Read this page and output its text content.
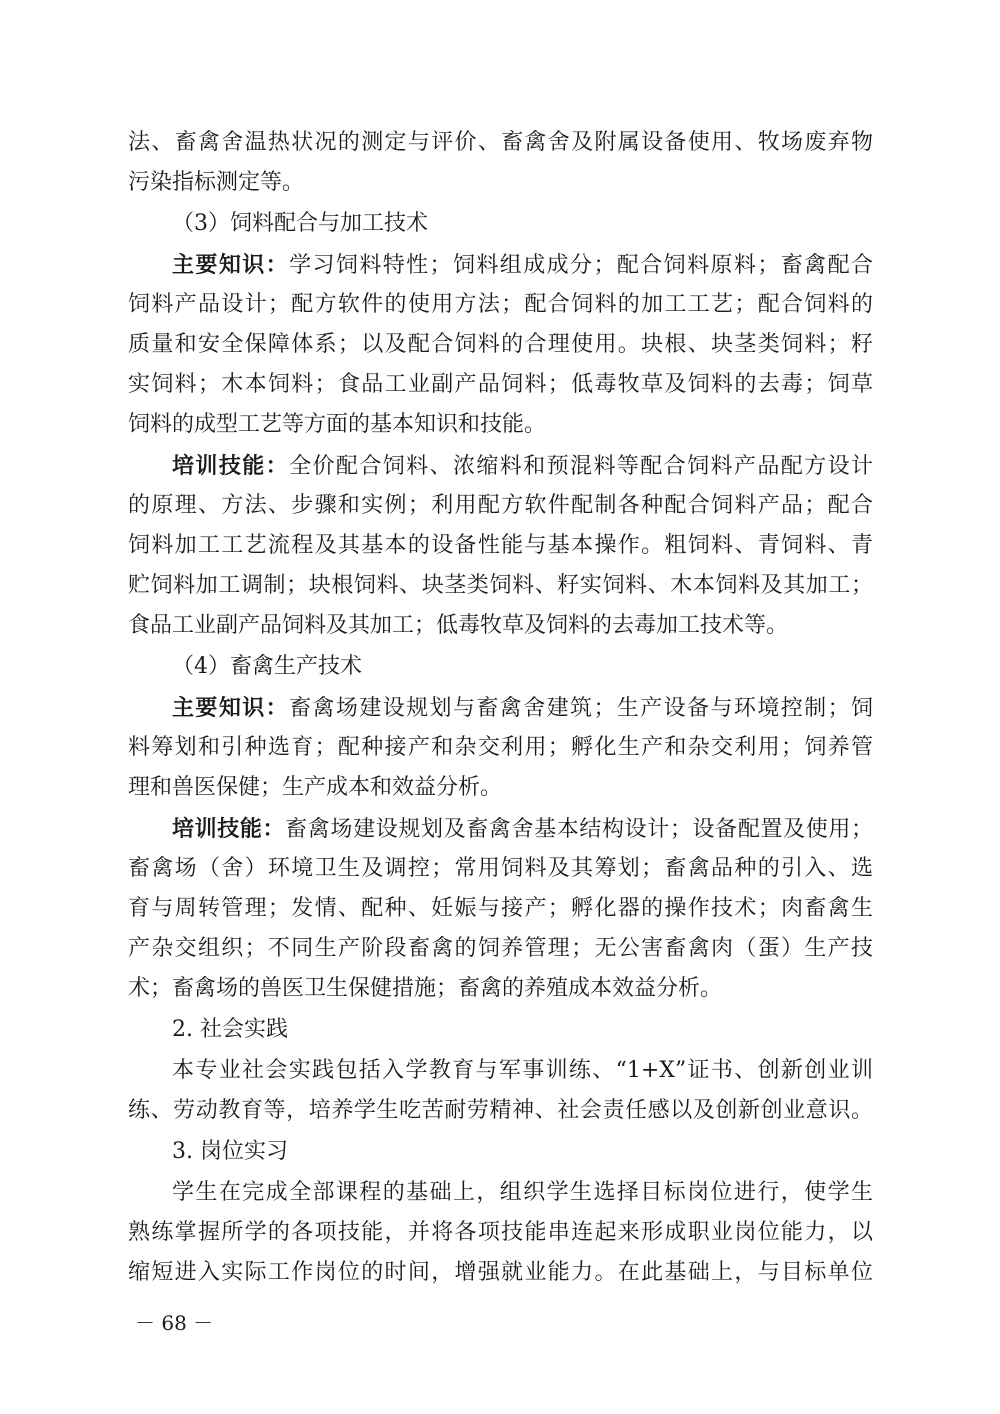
法、畜禽舍温热状况的测定与评价、畜禽舍及附属设备使用、牧场废弃物
污染指标测定等。
（3）饲料配合与加工技术
主要知识：学习饲料特性；饲料组成成分；配合饲料原料；畜禽配合
饲料产品设计；配方软件的使用方法；配合饲料的加工工艺；配合饲料的
质量和安全保障体系；以及配合饲料的合理使用。块根、块茎类饲料；籽
实饲料；木本饲料；食品工业副产品饲料；低毒牧草及饲料的去毒；饲草
饲料的成型工艺等方面的基本知识和技能。
培训技能：全价配合饲料、浓缩料和预混料等配合饲料产品配方设计
的原理、方法、步骤和实例；利用配方软件配制各种配合饲料产品；配合
饲料加工工艺流程及其基本的设备性能与基本操作。粗饲料、青饲料、青
贮饲料加工调制；块根饲料、块茎类饲料、籽实饲料、木本饲料及其加工；
食品工业副产品饲料及其加工；低毒牧草及饲料的去毒加工技术等。
（4）畜禽生产技术
主要知识：畜禽场建设规划与畜禽舍建筑；生产设备与环境控制；饲
料筹划和引种选育；配种接产和杂交利用；孵化生产和杂交利用；饲养管
理和兽医保健；生产成本和效益分析。
培训技能：畜禽场建设规划及畜禽舍基本结构设计；设备配置及使用；
畜禽场（舍）环境卫生及调控；常用饲料及其筹划；畜禽品种的引入、选
育与周转管理；发情、配种、妊娠与接产；孵化器的操作技术；肉畜禽生
产杂交组织；不同生产阶段畜禽的饲养管理；无公害畜禽肉（蛋）生产技
术；畜禽场的兽医卫生保健措施；畜禽的养殖成本效益分析。
2. 社会实践
本专业社会实践包括入学教育与军事训练、“1+X”证书、创新创业训
练、劳动教育等，培养学生吃苦耐劳精神、社会责任感以及创新创业意识。
3. 岗位实习
学生在完成全部课程的基础上，组织学生选择目标岗位进行，使学生
熟练掌握所学的各项技能，并将各项技能串连起来形成职业岗位能力，以
缩短进入实际工作岗位的时间，增强就业能力。在此基础上，与目标单位
－ 68 －
